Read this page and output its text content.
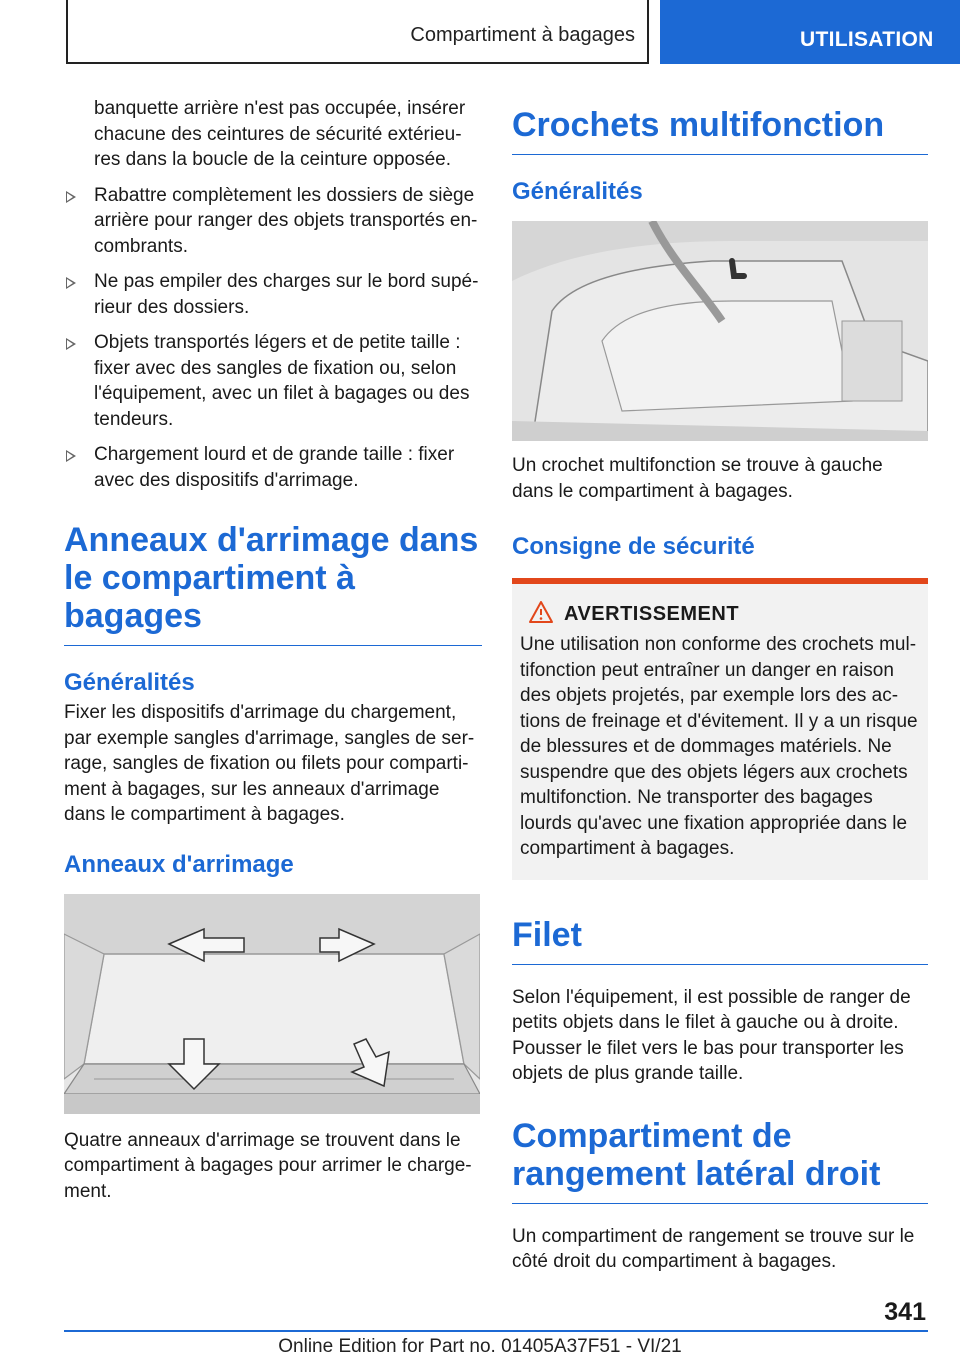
Compartiment à bagages	UTILISATION
banquette arrière n'est pas occupée, insérer chacune des ceintures de sécurité extérieu-res dans la boucle de la ceinture opposée.
Rabattre complètement les dossiers de siège arrière pour ranger des objets transportés en-combrants.
Ne pas empiler des charges sur le bord supé-rieur des dossiers.
Objets transportés légers et de petite taille : fixer avec des sangles de fixation ou, selon l'équipement, avec un filet à bagages ou des tendeurs.
Chargement lourd et de grande taille : fixer avec des dispositifs d'arrimage.
Anneaux d'arrimage dans le compartiment à bagages
Généralités
Fixer les dispositifs d'arrimage du chargement, par exemple sangles d'arrimage, sangles de ser-rage, sangles de fixation ou filets pour comparti-ment à bagages, sur les anneaux d'arrimage dans le compartiment à bagages.
Anneaux d'arrimage
Quatre anneaux d'arrimage se trouvent dans le compartiment à bagages pour arrimer le charge-ment.
Crochets multifonction
Généralités
Un crochet multifonction se trouve à gauche dans le compartiment à bagages.
Consigne de sécurité
AVERTISSEMENT
Une utilisation non conforme des crochets mul-tifonction peut entraîner un danger en raison des objets projetés, par exemple lors des ac-tions de freinage et d'évitement. Il y a un risque de blessures et de dommages matériels. Ne suspendre que des objets légers aux crochets multifonction. Ne transporter des bagages lourds qu'avec une fixation appropriée dans le compartiment à bagages.
Filet
Selon l'équipement, il est possible de ranger de petits objets dans le filet à gauche ou à droite. Pousser le filet vers le bas pour transporter les objets de plus grande taille.
Compartiment de rangement latéral droit
Un compartiment de rangement se trouve sur le côté droit du compartiment à bagages.
341
Online Edition for Part no. 01405A37F51 - VI/21
